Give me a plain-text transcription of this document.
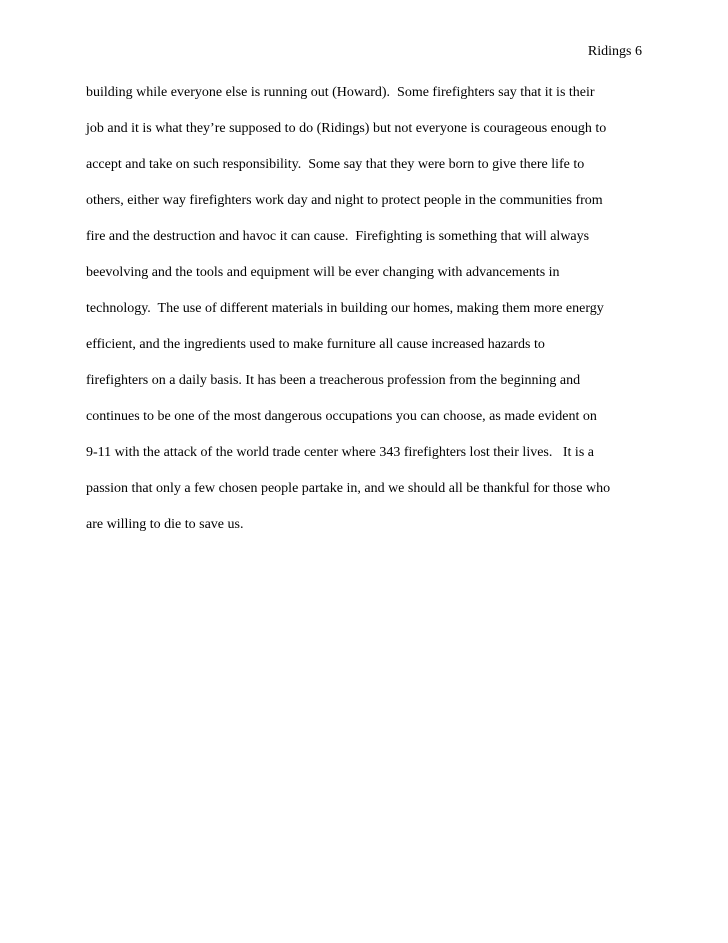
Ridings 6
building while everyone else is running out (Howard).  Some firefighters say that it is their
job and it is what they’re supposed to do (Ridings) but not everyone is courageous enough to
accept and take on such responsibility.  Some say that they were born to give there life to
others, either way firefighters work day and night to protect people in the communities from
fire and the destruction and havoc it can cause.  Firefighting is something that will always
beevolving and the tools and equipment will be ever changing with advancements in
technology.  The use of different materials in building our homes, making them more energy
efficient, and the ingredients used to make furniture all cause increased hazards to
firefighters on a daily basis. It has been a treacherous profession from the beginning and
continues to be one of the most dangerous occupations you can choose, as made evident on
9-11 with the attack of the world trade center where 343 firefighters lost their lives.   It is a
passion that only a few chosen people partake in, and we should all be thankful for those who
are willing to die to save us.
